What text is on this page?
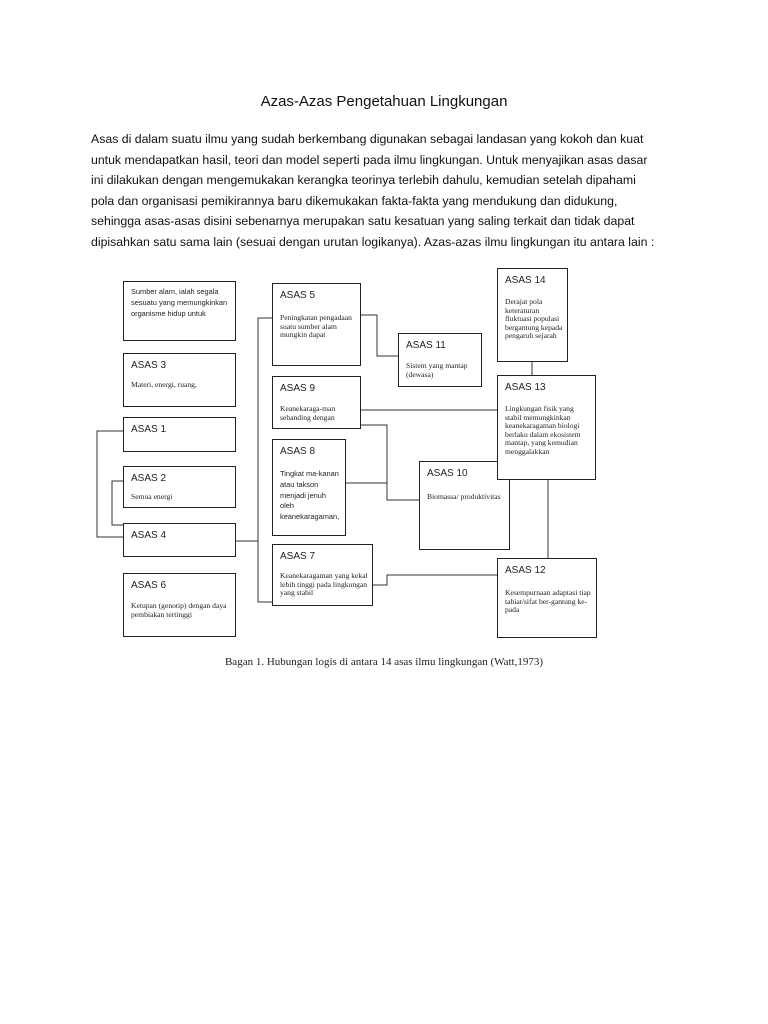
Azas-Azas Pengetahuan Lingkungan

Asas di dalam suatu ilmu yang sudah berkembang digunakan sebagai landasan yang kokoh dan kuat
untuk mendapatkan hasil, teori dan model seperti pada ilmu lingkungan. Untuk menyajikan asas dasar
ini dilakukan dengan mengemukakan kerangka teorinya terlebih dahulu, kemudian setelah dipahami
pola dan organisasi pemikirannya baru dikemukakan fakta-fakta yang mendukung dan didukung,
sehingga asas-asas disini sebenarnya merupakan satu kesatuan yang saling terkait dan tidak dapat
dipisahkan satu sama lain (sesuai dengan urutan logikanya). Azas-azas ilmu lingkungan itu antara lain :

Sumber alam, ialah segala sesuatu yang memungkinkan organisme hidup untuk
ASAS 3
Materi, energi, ruang,
ASAS 1
ASAS 2
Semua energi
ASAS 4
ASAS 6
Ketupan (genotip) dengan daya pembiakan tertinggi
ASAS 5
Peningkatan pengadaan suatu sumber alam mungkin dapat
ASAS 9
Keanekaraga-man sebanding dengan
ASAS 8
Tingkat ma-kanan atau takson menjadi jenuh oleh keanekaragaman,
ASAS 7
Keanekaragaman yang kekal lebih tinggi pada lingkungan yang stabil
ASAS 11
Sistem yang mantap (dewasa)
ASAS 10
Biomassa/ produktivitas
ASAS 14
Derajat pola keteraturan fluktuasi populasi bergantung kepada pengaruh sejarah
ASAS 13
Lingkungan fisik yang stabil memungkinkan keanekaragaman biologi berlaku dalam ekosistem mantap, yang kemudian menggalakkan
ASAS 12
Kesempurnaan adaptasi tiap tabiat/sifat ber-gantung ke-pada

Bagan 1. Hubungan logis di antara 14 asas ilmu lingkungan (Watt,1973)
